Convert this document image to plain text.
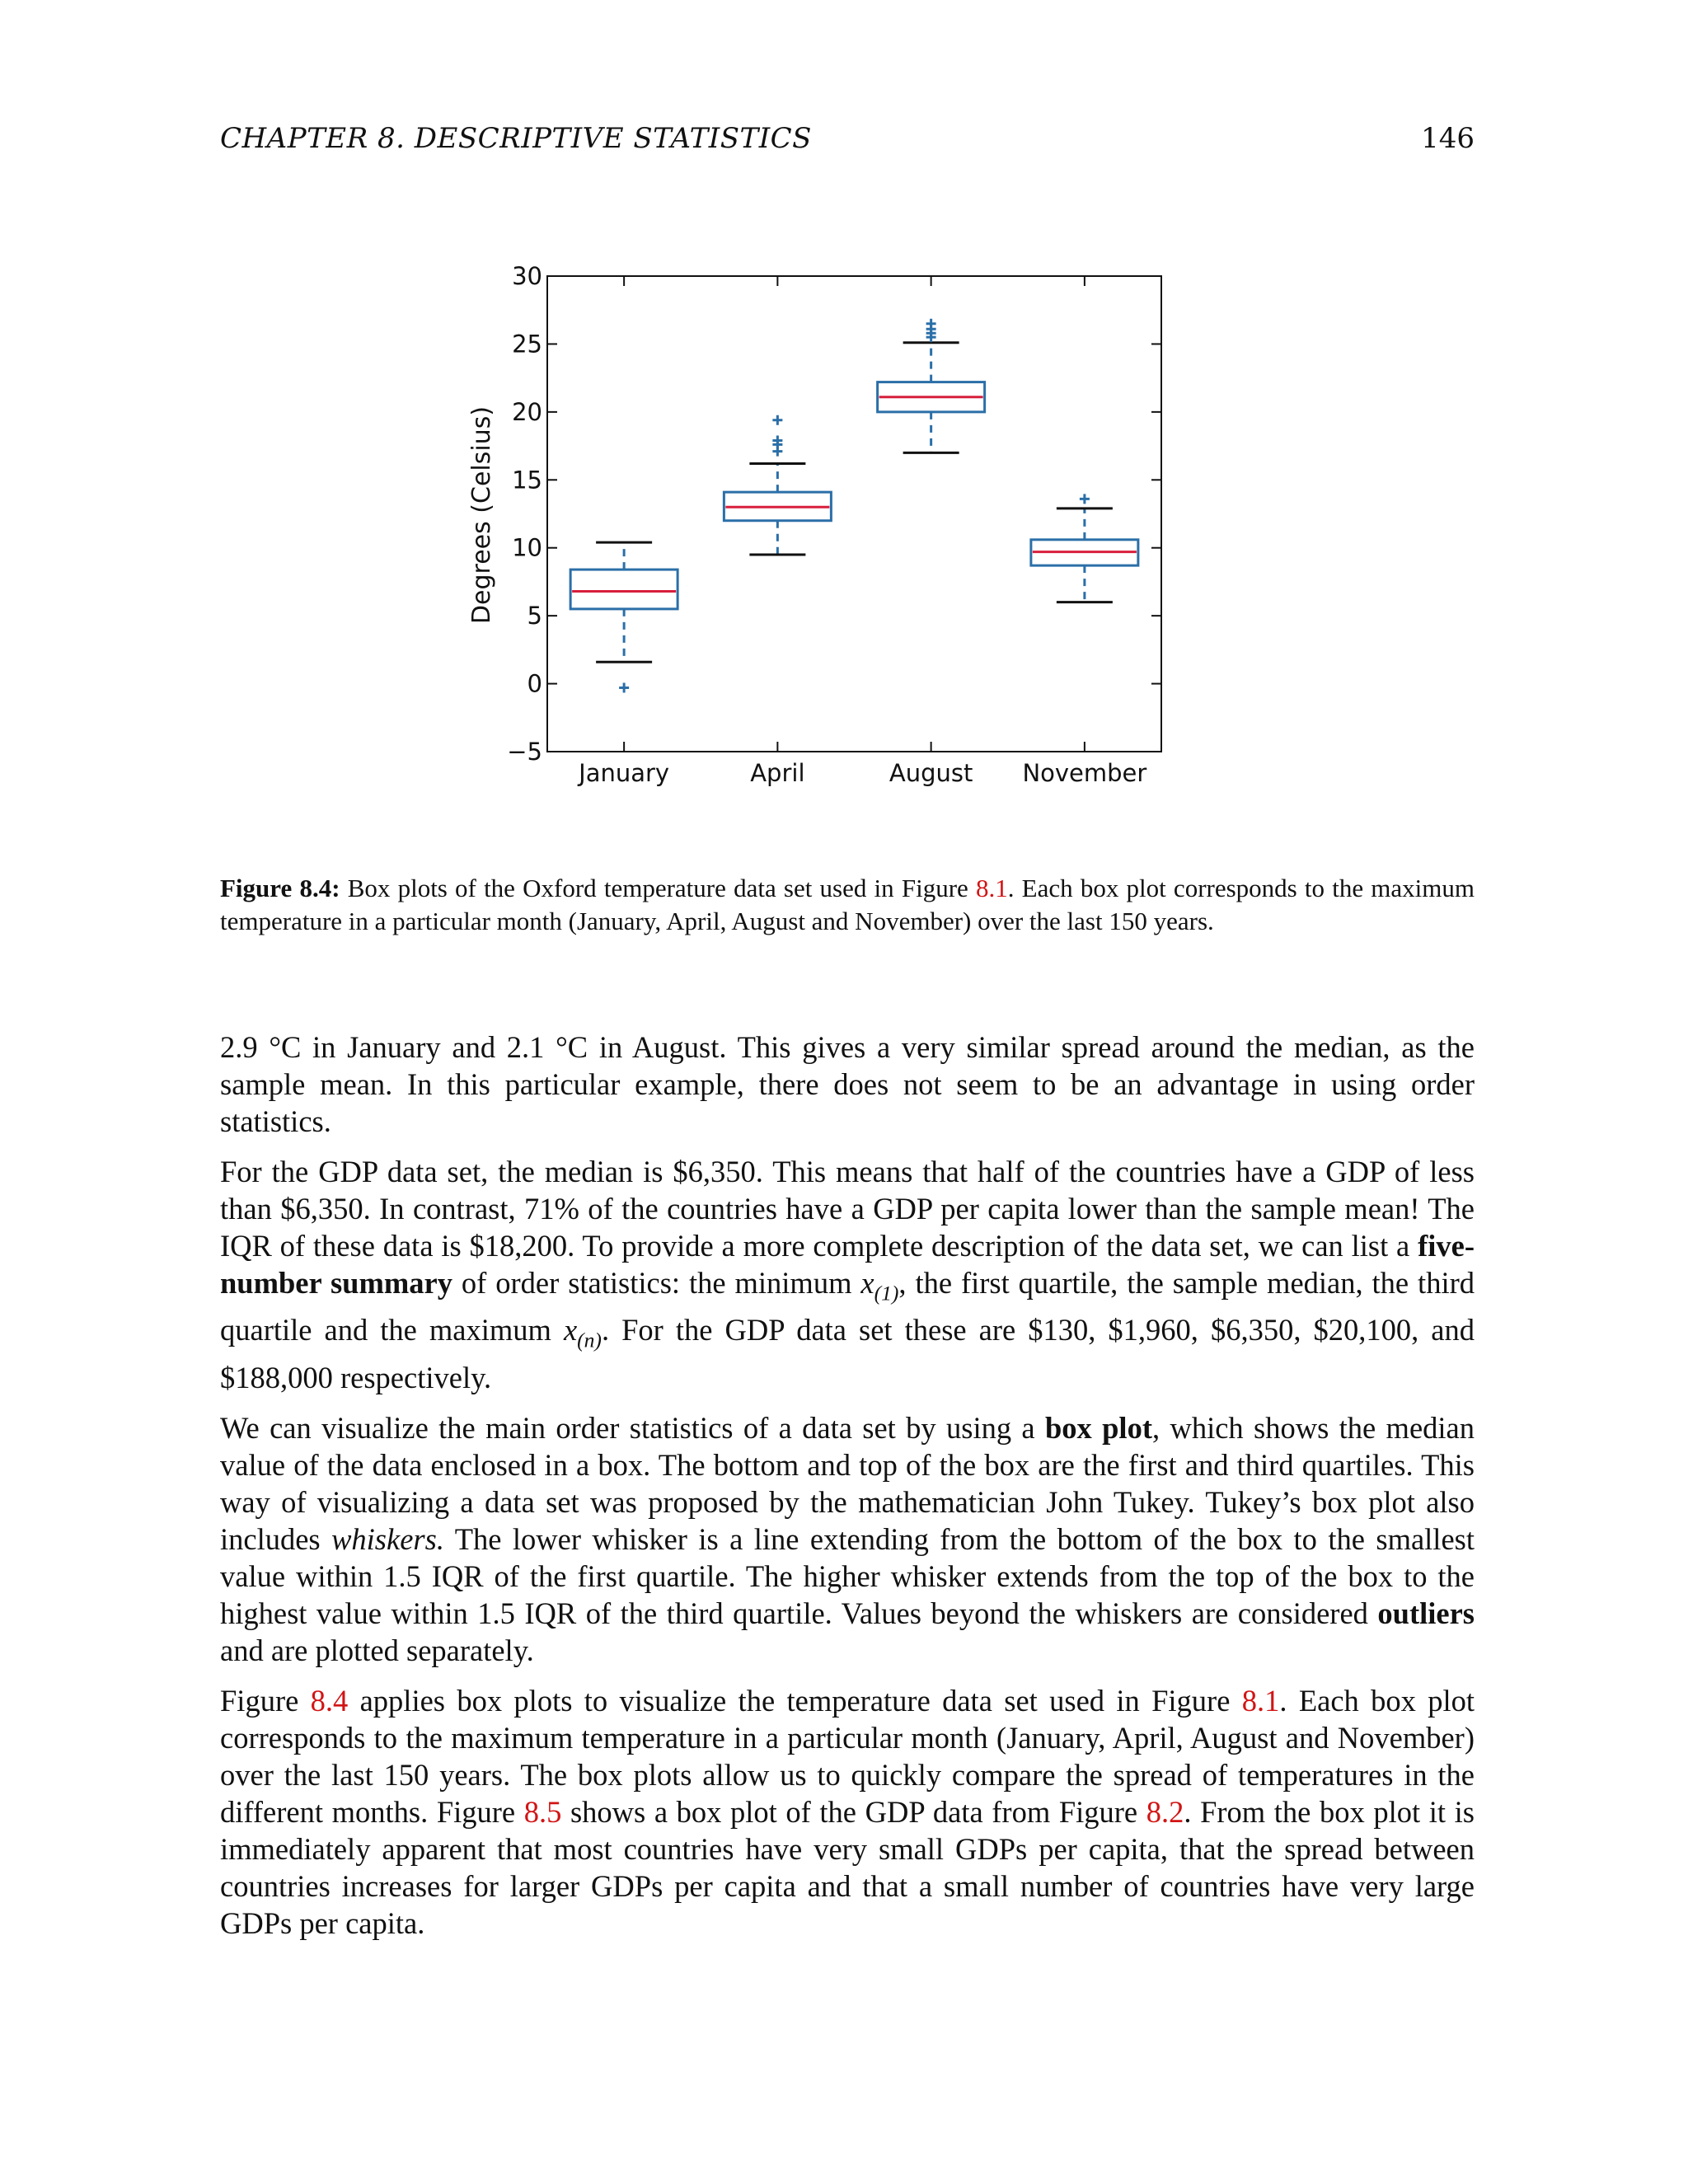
CHAPTER 8. DESCRIPTIVE STATISTICS	146
−5
0
5
10
15
20
25
30
January	April	August November
Degrees (Celsius)
Figure 8.4: Box plots of the Oxford temperature data set used in Figure 8.1. Each box plot corresponds to the maximum temperature in a particular month (January, April, August and November) over the last 150 years.

2.9 °C in January and 2.1 °C in August. This gives a very similar spread around the median, as the sample mean. In this particular example, there does not seem to be an advantage in using order statistics.

For the GDP data set, the median is $6,350. This means that half of the countries have a GDP of less than $6,350. In contrast, 71% of the countries have a GDP per capita lower than the sample mean! The IQR of these data is $18,200. To provide a more complete description of the data set, we can list a five-number summary of order statistics: the minimum $x_{(1)}$, the first quartile, the sample median, the third quartile and the maximum $x_{(n)}$. For the GDP data set these are $130, $1,960, $6,350, $20,100, and $188,000 respectively.

We can visualize the main order statistics of a data set by using a box plot, which shows the median value of the data enclosed in a box. The bottom and top of the box are the first and third quartiles. This way of visualizing a data set was proposed by the mathematician John Tukey. Tukey’s box plot also includes whiskers. The lower whisker is a line extending from the bottom of the box to the smallest value within 1.5 IQR of the first quartile. The higher whisker extends from the top of the box to the highest value within 1.5 IQR of the third quartile. Values beyond the whiskers are considered outliers and are plotted separately.

Figure 8.4 applies box plots to visualize the temperature data set used in Figure 8.1. Each box plot corresponds to the maximum temperature in a particular month (January, April, August and November) over the last 150 years. The box plots allow us to quickly compare the spread of temperatures in the different months. Figure 8.5 shows a box plot of the GDP data from Figure 8.2. From the box plot it is immediately apparent that most countries have very small GDPs per capita, that the spread between countries increases for larger GDPs per capita and that a small number of countries have very large GDPs per capita.
